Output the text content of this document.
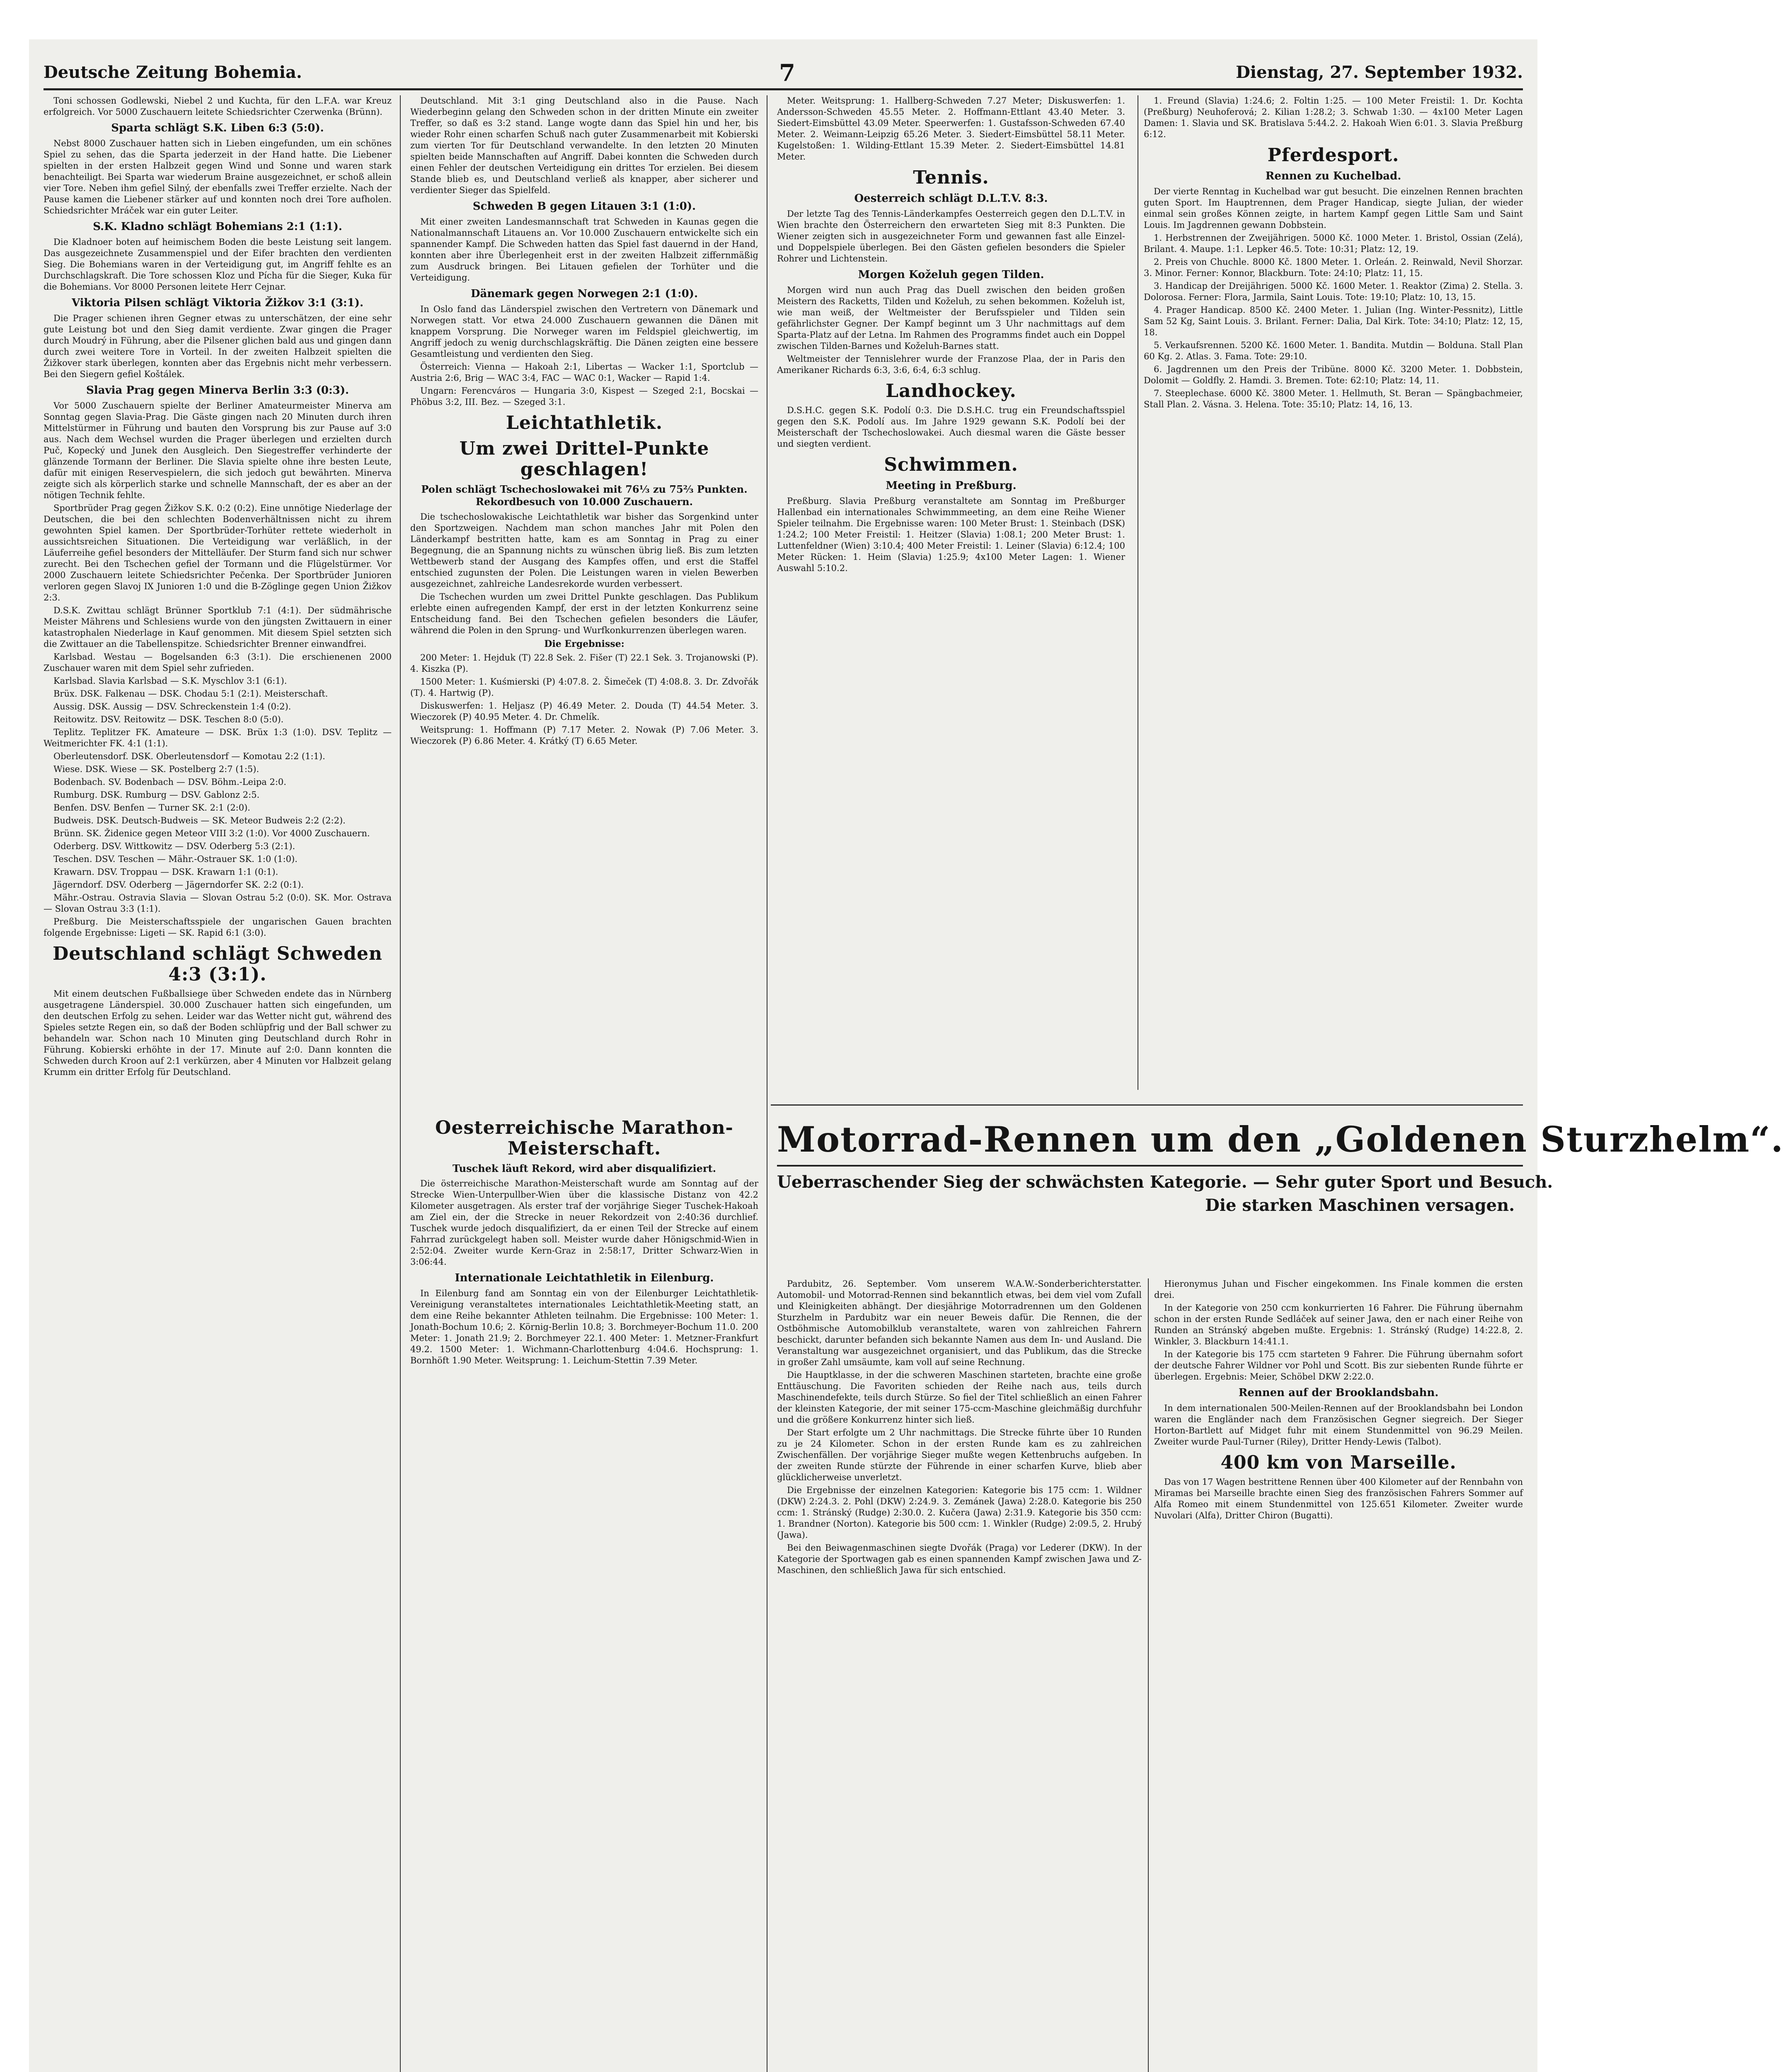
Deutsche Zeitung Bohemia.	7	Dienstag, 27. September 1932.

Toni schossen Godlewski, Niebel 2 und Kuchta, für den L.F.A. war Kreuz erfolgreich. Vor 5000 Zuschauern leitete Schiedsrichter Czerwenka (Brünn).

Sparta schlägt S.K. Liben 6:3 (5:0).

Nebst 8000 Zuschauer hatten sich in Lieben eingefunden, um ein schönes Spiel zu sehen, das die Sparta jederzeit in der Hand hatte. Die Liebener spielten in der ersten Halbzeit gegen Wind und Sonne und waren stark benachteiligt. Bei Sparta war wiederum Braine ausgezeichnet, er schoß allein vier Tore. Neben ihm gefiel Silný, der ebenfalls zwei Treffer erzielte. Nach der Pause kamen die Liebener stärker auf und konnten noch drei Tore aufholen. Schiedsrichter Mráček war ein guter Leiter.

S.K. Kladno schlägt Bohemians 2:1 (1:1).

Die Kladnoer boten auf heimischem Boden die beste Leistung seit langem. Das ausgezeichnete Zusammenspiel und der Eifer brachten den verdienten Sieg. Die Bohemians waren in der Verteidigung gut, im Angriff fehlte es an Durchschlagskraft. Die Tore schossen Kloz und Pícha für die Sieger, Kuka für die Bohemians. Vor 8000 Personen leitete Herr Cejnar.

Viktoria Pilsen schlägt Viktoria Žižkov 3:1 (3:1).

Die Prager schienen ihren Gegner etwas zu unterschätzen, der eine sehr gute Leistung bot und den Sieg damit verdiente. Zwar gingen die Prager durch Moudrý in Führung, aber die Pilsener glichen bald aus und gingen dann durch zwei weitere Tore in Vorteil. In der zweiten Halbzeit spielten die Žižkover stark überlegen, konnten aber das Ergebnis nicht mehr verbessern. Bei den Siegern gefiel Koštálek.

Slavia Prag gegen Minerva Berlin 3:3 (0:3).

Vor 5000 Zuschauern spielte der Berliner Amateurmeister Minerva am Sonntag gegen Slavia-Prag. Die Gäste gingen nach 20 Minuten durch ihren Mittelstürmer in Führung und bauten den Vorsprung bis zur Pause auf 3:0 aus. Nach dem Wechsel wurden die Prager überlegen und erzielten durch Puč, Kopecký und Junek den Ausgleich. Den Siegestreffer verhinderte der glänzende Tormann der Berliner. Die Slavia spielte ohne ihre besten Leute, dafür mit einigen Reservespielern, die sich jedoch gut bewährten. Minerva zeigte sich als körperlich starke und schnelle Mannschaft, der es aber an der nötigen Technik fehlte.

Sportbrüder Prag gegen Žižkov S.K. 0:2 (0:2). Eine unnötige Niederlage der Deutschen, die bei den schlechten Bodenverhältnissen nicht zu ihrem gewohnten Spiel kamen. Der Sportbrüder-Torhüter rettete wiederholt in aussichtsreichen Situationen. Die Verteidigung war verläßlich, in der Läuferreihe gefiel besonders der Mittelläufer. Der Sturm fand sich nur schwer zurecht. Bei den Tschechen gefiel der Tormann und die Flügelstürmer. Vor 2000 Zuschauern leitete Schiedsrichter Pečenka. Der Sportbrüder Junioren verloren gegen Slavoj IX Junioren 1:0 und die B-Zöglinge gegen Union Žižkov 2:3.

D.S.K. Zwittau schlägt Brünner Sportklub 7:1 (4:1). Der südmährische Meister Mährens und Schlesiens wurde von den jüngsten Zwittauern in einer katastrophalen Niederlage in Kauf genommen. Mit diesem Spiel setzten sich die Zwittauer an die Tabellenspitze. Schiedsrichter Brenner einwandfrei.

Karlsbad. Westau — Bogelsanden 6:3 (3:1). Die erschienenen 2000 Zuschauer waren mit dem Spiel sehr zufrieden.

Karlsbad. Slavia Karlsbad — S.K. Myschlov 3:1 (6:1).

Brüx. DSK. Falkenau — DSK. Chodau 5:1 (2:1). Meisterschaft.

Aussig. DSK. Aussig — DSV. Schreckenstein 1:4 (0:2).

Reitowitz. DSV. Reitowitz — DSK. Teschen 8:0 (5:0).

Teplitz. Teplitzer FK. Amateure — DSK. Brüx 1:3 (1:0). DSV. Teplitz — Weitmerichter FK. 4:1 (1:1).

Oberleutensdorf. DSK. Oberleutensdorf — Komotau 2:2 (1:1).

Wiese. DSK. Wiese — SK. Postelberg 2:7 (1:5).

Bodenbach. SV. Bodenbach — DSV. Böhm.-Leipa 2:0.

Rumburg. DSK. Rumburg — DSV. Gablonz 2:5.

Benfen. DSV. Benfen — Turner SK. 2:1 (2:0).

Budweis. DSK. Deutsch-Budweis — SK. Meteor Budweis 2:2 (2:2).

Brünn. SK. Židenice gegen Meteor VIII 3:2 (1:0). Vor 4000 Zuschauern.

Oderberg. DSV. Wittkowitz — DSV. Oderberg 5:3 (2:1).

Teschen. DSV. Teschen — Mähr.-Ostrauer SK. 1:0 (1:0).

Krawarn. DSV. Troppau — DSK. Krawarn 1:1 (0:1).

Jägerndorf. DSV. Oderberg — Jägerndorfer SK. 2:2 (0:1).

Mähr.-Ostrau. Ostravia Slavia — Slovan Ostrau 5:2 (0:0). SK. Mor. Ostrava — Slovan Ostrau 3:3 (1:1).

Preßburg. Die Meisterschaftsspiele der ungarischen Gauen brachten folgende Ergebnisse: Ligeti — SK. Rapid 6:1 (3:0).

Deutschland schlägt Schweden 4:3 (3:1).

Mit einem deutschen Fußballsiege über Schweden endete das in Nürnberg ausgetragene Länderspiel. 30.000 Zuschauer hatten sich eingefunden, um den deutschen Erfolg zu sehen. Leider war das Wetter nicht gut, während des Spieles setzte Regen ein, so daß der Boden schlüpfrig und der Ball schwer zu behandeln war. Schon nach 10 Minuten ging Deutschland durch Rohr in Führung. Kobierski erhöhte in der 17. Minute auf 2:0. Dann konnten die Schweden durch Kroon auf 2:1 verkürzen, aber 4 Minuten vor Halbzeit gelang Krumm ein dritter Erfolg für Deutschland.

Deutschland. Mit 3:1 ging Deutschland also in die Pause. Nach Wiederbeginn gelang den Schweden schon in der dritten Minute ein zweiter Treffer, so daß es 3:2 stand. Lange wogte dann das Spiel hin und her, bis wieder Rohr einen scharfen Schuß nach guter Zusammenarbeit mit Kobierski zum vierten Tor für Deutschland verwandelte. In den letzten 20 Minuten spielten beide Mannschaften auf Angriff. Dabei konnten die Schweden durch einen Fehler der deutschen Verteidigung ein drittes Tor erzielen. Bei diesem Stande blieb es, und Deutschland verließ als knapper, aber sicherer und verdienter Sieger das Spielfeld.

Schweden B gegen Litauen 3:1 (1:0).

Mit einer zweiten Landesmannschaft trat Schweden in Kaunas gegen die Nationalmannschaft Litauens an. Vor 10.000 Zuschauern entwickelte sich ein spannender Kampf. Die Schweden hatten das Spiel fast dauernd in der Hand, konnten aber ihre Überlegenheit erst in der zweiten Halbzeit ziffernmäßig zum Ausdruck bringen. Bei Litauen gefielen der Torhüter und die Verteidigung.

Dänemark gegen Norwegen 2:1 (1:0).

In Oslo fand das Länderspiel zwischen den Vertretern von Dänemark und Norwegen statt. Vor etwa 24.000 Zuschauern gewannen die Dänen mit knappem Vorsprung. Die Norweger waren im Feldspiel gleichwertig, im Angriff jedoch zu wenig durchschlagskräftig. Die Dänen zeigten eine bessere Gesamtleistung und verdienten den Sieg.

Österreich: Vienna — Hakoah 2:1, Libertas — Wacker 1:1, Sportclub — Austria 2:6, Brig — WAC 3:4, FAC — WAC 0:1, Wacker — Rapid 1:4.

Ungarn: Ferencváros — Hungaria 3:0, Kispest — Szeged 2:1, Bocskai — Phöbus 3:2, III. Bez. — Szeged 3:1.

Leichtathletik.
Um zwei Drittel-Punkte geschlagen!
Polen schlägt Tschechoslowakei mit 76⅓ zu 75⅔ Punkten. Rekordbesuch von 10.000 Zuschauern.

Die tschechoslowakische Leichtathletik war bisher das Sorgenkind unter den Sportzweigen. Nachdem man schon manches Jahr mit Polen den Länderkampf bestritten hatte, kam es am Sonntag in Prag zu einer Begegnung, die an Spannung nichts zu wünschen übrig ließ. Bis zum letzten Wettbewerb stand der Ausgang des Kampfes offen, und erst die Staffel entschied zugunsten der Polen. Die Leistungen waren in vielen Bewerben ausgezeichnet, zahlreiche Landesrekorde wurden verbessert.

Die Tschechen wurden um zwei Drittel Punkte geschlagen. Das Publikum erlebte einen aufregenden Kampf, der erst in der letzten Konkurrenz seine Entscheidung fand. Bei den Tschechen gefielen besonders die Läufer, während die Polen in den Sprung- und Wurfkonkurrenzen überlegen waren.

Die Ergebnisse:

200 Meter: 1. Hejduk (T) 22.8 Sek. 2. Fišer (T) 22.1 Sek. 3. Trojanowski (P). 4. Kiszka (P).

1500 Meter: 1. Kuśmierski (P) 4:07.8. 2. Šimeček (T) 4:08.8. 3. Dr. Zdvořák (T). 4. Hartwig (P).

Diskuswerfen: 1. Heljasz (P) 46.49 Meter. 2. Douda (T) 44.54 Meter. 3. Wieczorek (P) 40.95 Meter. 4. Dr. Chmelík.

Weitsprung: 1. Hoffmann (P) 7.17 Meter. 2. Nowak (P) 7.06 Meter. 3. Wieczorek (P) 6.86 Meter. 4. Krátký (T) 6.65 Meter.

Meter. Weitsprung: 1. Hallberg-Schweden 7.27 Meter; Diskuswerfen: 1. Andersson-Schweden 45.55 Meter. 2. Hoffmann-Ettlant 43.40 Meter. 3. Siedert-Eimsbüttel 43.09 Meter. Speerwerfen: 1. Gustafsson-Schweden 67.40 Meter. 2. Weimann-Leipzig 65.26 Meter. 3. Siedert-Eimsbüttel 58.11 Meter. Kugelstoßen: 1. Wilding-Ettlant 15.39 Meter. 2. Siedert-Eimsbüttel 14.81 Meter.

Tennis.
Oesterreich schlägt D.L.T.V. 8:3.

Der letzte Tag des Tennis-Länderkampfes Oesterreich gegen den D.L.T.V. in Wien brachte den Österreichern den erwarteten Sieg mit 8:3 Punkten. Die Wiener zeigten sich in ausgezeichneter Form und gewannen fast alle Einzel- und Doppelspiele überlegen. Bei den Gästen gefielen besonders die Spieler Rohrer und Lichtenstein.

Morgen Koželuh gegen Tilden.

Morgen wird nun auch Prag das Duell zwischen den beiden großen Meistern des Racketts, Tilden und Koželuh, zu sehen bekommen. Koželuh ist, wie man weiß, der Weltmeister der Berufsspieler und Tilden sein gefährlichster Gegner. Der Kampf beginnt um 3 Uhr nachmittags auf dem Sparta-Platz auf der Letna. Im Rahmen des Programms findet auch ein Doppel zwischen Tilden-Barnes und Koželuh-Barnes statt.

Weltmeister der Tennislehrer wurde der Franzose Plaa, der in Paris den Amerikaner Richards 6:3, 3:6, 6:4, 6:3 schlug.

Landhockey.

D.S.H.C. gegen S.K. Podolí 0:3. Die D.S.H.C. trug ein Freundschaftsspiel gegen den S.K. Podolí aus. Im Jahre 1929 gewann S.K. Podolí bei der Meisterschaft der Tschechoslowakei. Auch diesmal waren die Gäste besser und siegten verdient.

Schwimmen.
Meeting in Preßburg.

Preßburg. Slavia Preßburg veranstaltete am Sonntag im Preßburger Hallenbad ein internationales Schwimmmeeting, an dem eine Reihe Wiener Spieler teilnahm. Die Ergebnisse waren: 100 Meter Brust: 1. Steinbach (DSK) 1:24.2; 100 Meter Freistil: 1. Heitzer (Slavia) 1:08.1; 200 Meter Brust: 1. Luttenfeldner (Wien) 3:10.4; 400 Meter Freistil: 1. Leiner (Slavia) 6:12.4; 100 Meter Rücken: 1. Heim (Slavia) 1:25.9; 4x100 Meter Lagen: 1. Wiener Auswahl 5:10.2.

1. Freund (Slavia) 1:24.6; 2. Foltin 1:25. — 100 Meter Freistil: 1. Dr. Kochta (Preßburg) Neuhoferová; 2. Kilian 1:28.2; 3. Schwab 1:30. — 4x100 Meter Lagen Damen: 1. Slavia und SK. Bratislava 5:44.2. 2. Hakoah Wien 6:01. 3. Slavia Preßburg 6:12.

Pferdesport.
Rennen zu Kuchelbad.

Der vierte Renntag in Kuchelbad war gut besucht. Die einzelnen Rennen brachten guten Sport. Im Hauptrennen, dem Prager Handicap, siegte Julian, der wieder einmal sein großes Können zeigte, in hartem Kampf gegen Little Sam und Saint Louis. Im Jagdrennen gewann Dobbstein.

1. Herbstrennen der Zweijährigen. 5000 Kč. 1000 Meter. 1. Bristol, Ossian (Zelá), Brilant. 4. Maupe. 1:1. Lepker 46.5. Tote: 10:31; Platz: 12, 19.

2. Preis von Chuchle. 8000 Kč. 1800 Meter. 1. Orleán. 2. Reinwald, Nevil Shorzar. 3. Minor. Ferner: Konnor, Blackburn. Tote: 24:10; Platz: 11, 15.

3. Handicap der Dreijährigen. 5000 Kč. 1600 Meter. 1. Reaktor (Zima) 2. Stella. 3. Dolorosa. Ferner: Flora, Jarmila, Saint Louis. Tote: 19:10; Platz: 10, 13, 15.

4. Prager Handicap. 8500 Kč. 2400 Meter. 1. Julian (Ing. Winter-Pessnitz), Little Sam 52 Kg, Saint Louis. 3. Brilant. Ferner: Dalia, Dal Kirk. Tote: 34:10; Platz: 12, 15, 18.

5. Verkaufsrennen. 5200 Kč. 1600 Meter. 1. Bandita. Mutdin — Bolduna. Stall Plan 60 Kg. 2. Atlas. 3. Fama. Tote: 29:10.

6. Jagdrennen um den Preis der Tribüne. 8000 Kč. 3200 Meter. 1. Dobbstein, Dolomit — Goldfly. 2. Hamdi. 3. Bremen. Tote: 62:10; Platz: 14, 11.

7. Steeplechase. 6000 Kč. 3800 Meter. 1. Hellmuth, St. Beran — Spängbachmeier, Stall Plan. 2. Vásna. 3. Helena. Tote: 35:10; Platz: 14, 16, 13.

Motorrad-Rennen um den „Goldenen Sturzhelm“.
Ueberraschender Sieg der schwächsten Kategorie. — Sehr guter Sport und Besuch.
Die starken Maschinen versagen.
Oesterreichische Marathon-Meisterschaft.
Tuschek läuft Rekord, wird aber disqualifiziert.

Die österreichische Marathon-Meisterschaft wurde am Sonntag auf der Strecke Wien-Unterpullber-Wien über die klassische Distanz von 42.2 Kilometer ausgetragen. Als erster traf der vorjährige Sieger Tuschek-Hakoah am Ziel ein, der die Strecke in neuer Rekordzeit von 2:40:36 durchlief. Tuschek wurde jedoch disqualifiziert, da er einen Teil der Strecke auf einem Fahrrad zurückgelegt haben soll. Meister wurde daher Hönigschmid-Wien in 2:52:04. Zweiter wurde Kern-Graz in 2:58:17, Dritter Schwarz-Wien in 3:06:44.

Internationale Leichtathletik in Eilenburg.

In Eilenburg fand am Sonntag ein von der Eilenburger Leichtathletik-Vereinigung veranstaltetes internationales Leichtathletik-Meeting statt, an dem eine Reihe bekannter Athleten teilnahm. Die Ergebnisse: 100 Meter: 1. Jonath-Bochum 10.6; 2. Körnig-Berlin 10.8; 3. Borchmeyer-Bochum 11.0. 200 Meter: 1. Jonath 21.9; 2. Borchmeyer 22.1. 400 Meter: 1. Metzner-Frankfurt 49.2. 1500 Meter: 1. Wichmann-Charlottenburg 4:04.6. Hochsprung: 1. Bornhöft 1.90 Meter. Weitsprung: 1. Leichum-Stettin 7.39 Meter.

Pardubitz, 26. September. Vom unserem W.A.W.-Sonderberichterstatter. Automobil- und Motorrad-Rennen sind bekanntlich etwas, bei dem viel vom Zufall und Kleinigkeiten abhängt. Der diesjährige Motorradrennen um den Goldenen Sturzhelm in Pardubitz war ein neuer Beweis dafür. Die Rennen, die der Ostböhmische Automobilklub veranstaltete, waren von zahlreichen Fahrern beschickt, darunter befanden sich bekannte Namen aus dem In- und Ausland. Die Veranstaltung war ausgezeichnet organisiert, und das Publikum, das die Strecke in großer Zahl umsäumte, kam voll auf seine Rechnung.

Die Hauptklasse, in der die schweren Maschinen starteten, brachte eine große Enttäuschung. Die Favoriten schieden der Reihe nach aus, teils durch Maschinendefekte, teils durch Stürze. So fiel der Titel schließlich an einen Fahrer der kleinsten Kategorie, der mit seiner 175-ccm-Maschine gleichmäßig durchfuhr und die größere Konkurrenz hinter sich ließ.

Der Start erfolgte um 2 Uhr nachmittags. Die Strecke führte über 10 Runden zu je 24 Kilometer. Schon in der ersten Runde kam es zu zahlreichen Zwischenfällen. Der vorjährige Sieger mußte wegen Kettenbruchs aufgeben. In der zweiten Runde stürzte der Führende in einer scharfen Kurve, blieb aber glücklicherweise unverletzt.

Die Ergebnisse der einzelnen Kategorien: Kategorie bis 175 ccm: 1. Wildner (DKW) 2:24.3. 2. Pohl (DKW) 2:24.9. 3. Zemánek (Jawa) 2:28.0. Kategorie bis 250 ccm: 1. Stránský (Rudge) 2:30.0. 2. Kučera (Jawa) 2:31.9. Kategorie bis 350 ccm: 1. Brandner (Norton). Kategorie bis 500 ccm: 1. Winkler (Rudge) 2:09.5, 2. Hrubý (Jawa).

Bei den Beiwagenmaschinen siegte Dvořák (Praga) vor Lederer (DKW). In der Kategorie der Sportwagen gab es einen spannenden Kampf zwischen Jawa und Z-Maschinen, den schließlich Jawa für sich entschied.

Hieronymus Juhan und Fischer eingekommen. Ins Finale kommen die ersten drei.

In der Kategorie von 250 ccm konkurrierten 16 Fahrer. Die Führung übernahm schon in der ersten Runde Sedláček auf seiner Jawa, den er nach einer Reihe von Runden an Stránský abgeben mußte. Ergebnis: 1. Stránský (Rudge) 14:22.8, 2. Winkler, 3. Blackburn 14:41.1.

In der Kategorie bis 175 ccm starteten 9 Fahrer. Die Führung übernahm sofort der deutsche Fahrer Wildner vor Pohl und Scott. Bis zur siebenten Runde führte er überlegen. Ergebnis: Meier, Schöbel DKW 2:22.0.

Rennen auf der Brooklandsbahn.

In dem internationalen 500-Meilen-Rennen auf der Brooklandsbahn bei London waren die Engländer nach dem Französischen Gegner siegreich. Der Sieger Horton-Bartlett auf Midget fuhr mit einem Stundenmittel von 96.29 Meilen. Zweiter wurde Paul-Turner (Riley), Dritter Hendy-Lewis (Talbot).

400 km von Marseille.

Das von 17 Wagen bestrittene Rennen über 400 Kilometer auf der Rennbahn von Miramas bei Marseille brachte einen Sieg des französischen Fahrers Sommer auf Alfa Romeo mit einem Stundenmittel von 125.651 Kilometer. Zweiter wurde Nuvolari (Alfa), Dritter Chiron (Bugatti).
